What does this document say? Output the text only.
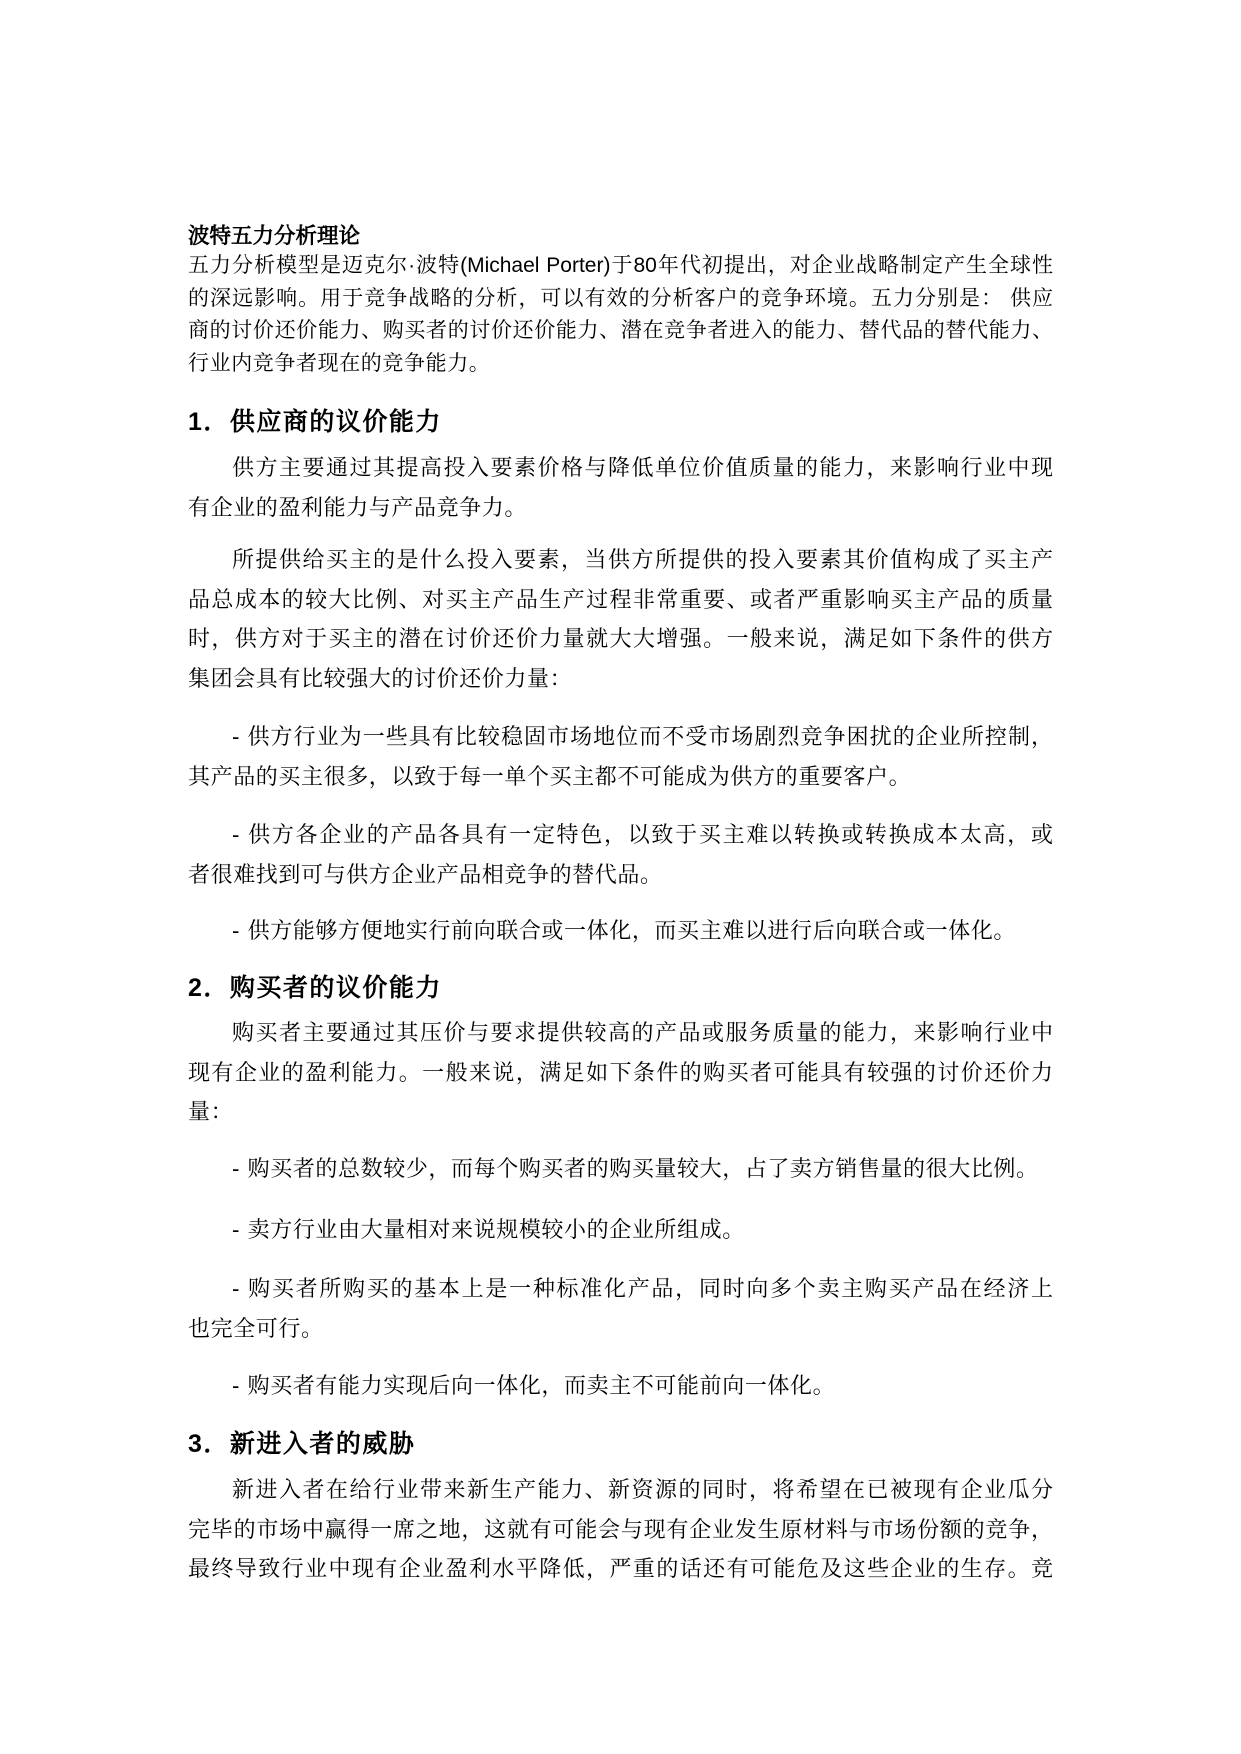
波特五力分析理论
五力分析模型是迈克尔·波特(Michael Porter)于80年代初提出，对企业战略制定产生全球性
的深远影响。用于竞争战略的分析，可以有效的分析客户的竞争环境。五力分别是： 供应
商的讨价还价能力、购买者的讨价还价能力、潜在竞争者进入的能力、替代品的替代能力、
行业内竞争者现在的竞争能力。
1．供应商的议价能力
供方主要通过其提高投入要素价格与降低单位价值质量的能力，来影响行业中现
有企业的盈利能力与产品竞争力。
所提供给买主的是什么投入要素，当供方所提供的投入要素其价值构成了买主产
品总成本的较大比例、对买主产品生产过程非常重要、或者严重影响买主产品的质量
时，供方对于买主的潜在讨价还价力量就大大增强。一般来说，满足如下条件的供方
集团会具有比较强大的讨价还价力量：
- 供方行业为一些具有比较稳固市场地位而不受市场剧烈竞争困扰的企业所控制，
其产品的买主很多，以致于每一单个买主都不可能成为供方的重要客户。
- 供方各企业的产品各具有一定特色，以致于买主难以转换或转换成本太高，或
者很难找到可与供方企业产品相竞争的替代品。
- 供方能够方便地实行前向联合或一体化，而买主难以进行后向联合或一体化。
2．购买者的议价能力
购买者主要通过其压价与要求提供较高的产品或服务质量的能力，来影响行业中
现有企业的盈利能力。一般来说，满足如下条件的购买者可能具有较强的讨价还价力
量：
- 购买者的总数较少，而每个购买者的购买量较大，占了卖方销售量的很大比例。
- 卖方行业由大量相对来说规模较小的企业所组成。
- 购买者所购买的基本上是一种标准化产品，同时向多个卖主购买产品在经济上
也完全可行。
- 购买者有能力实现后向一体化，而卖主不可能前向一体化。
3．新进入者的威胁
新进入者在给行业带来新生产能力、新资源的同时，将希望在已被现有企业瓜分
完毕的市场中赢得一席之地，这就有可能会与现有企业发生原材料与市场份额的竞争，
最终导致行业中现有企业盈利水平降低，严重的话还有可能危及这些企业的生存。竞
